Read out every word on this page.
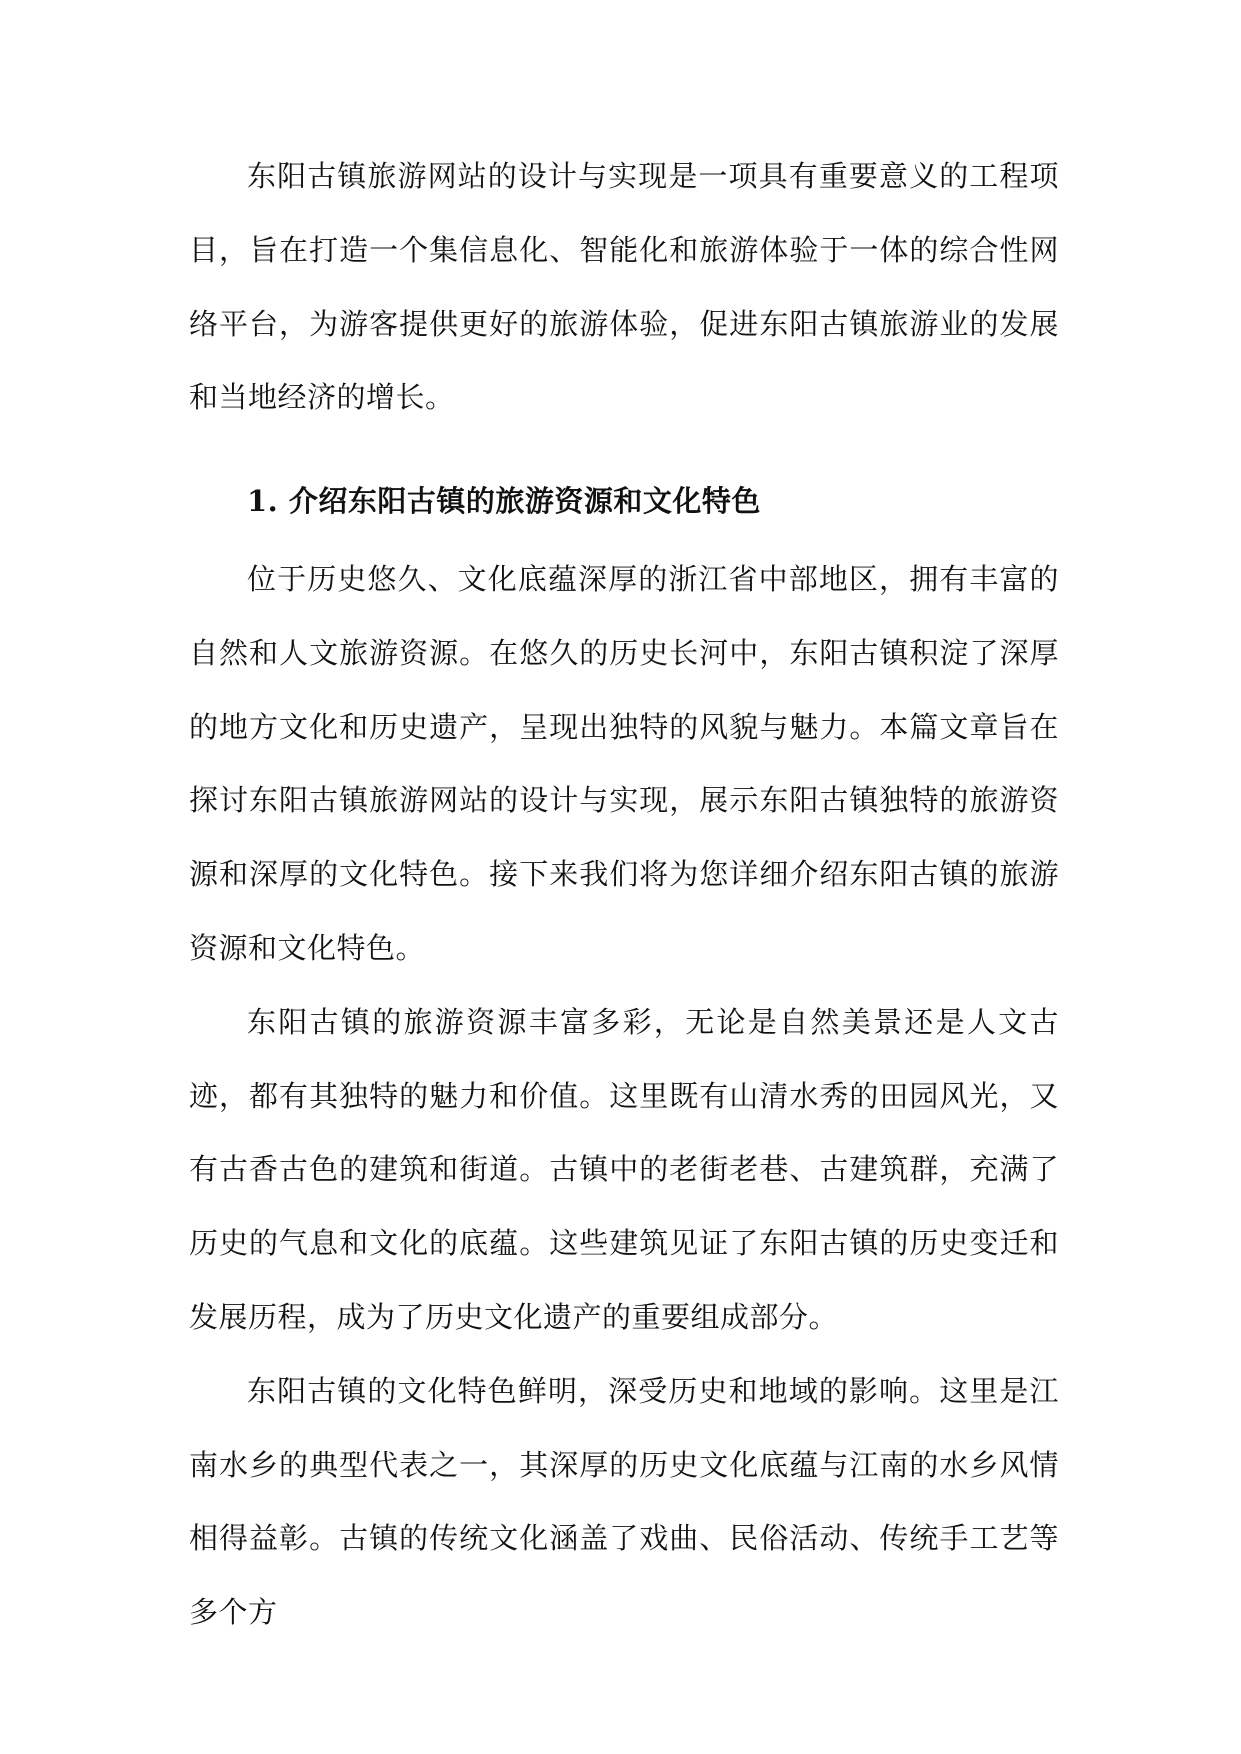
东阳古镇旅游网站的设计与实现是一项具有重要意义的工程项目，旨在打造一个集信息化、智能化和旅游体验于一体的综合性网络平台，为游客提供更好的旅游体验，促进东阳古镇旅游业的发展和当地经济的增长。

1. 介绍东阳古镇的旅游资源和文化特色

位于历史悠久、文化底蕴深厚的浙江省中部地区，拥有丰富的自然和人文旅游资源。在悠久的历史长河中，东阳古镇积淀了深厚的地方文化和历史遗产，呈现出独特的风貌与魅力。本篇文章旨在探讨东阳古镇旅游网站的设计与实现，展示东阳古镇独特的旅游资源和深厚的文化特色。接下来我们将为您详细介绍东阳古镇的旅游资源和文化特色。

东阳古镇的旅游资源丰富多彩，无论是自然美景还是人文古迹，都有其独特的魅力和价值。这里既有山清水秀的田园风光，又有古香古色的建筑和街道。古镇中的老街老巷、古建筑群，充满了历史的气息和文化的底蕴。这些建筑见证了东阳古镇的历史变迁和发展历程，成为了历史文化遗产的重要组成部分。

东阳古镇的文化特色鲜明，深受历史和地域的影响。这里是江南水乡的典型代表之一，其深厚的历史文化底蕴与江南的水乡风情相得益彰。古镇的传统文化涵盖了戏曲、民俗活动、传统手工艺等多个方
